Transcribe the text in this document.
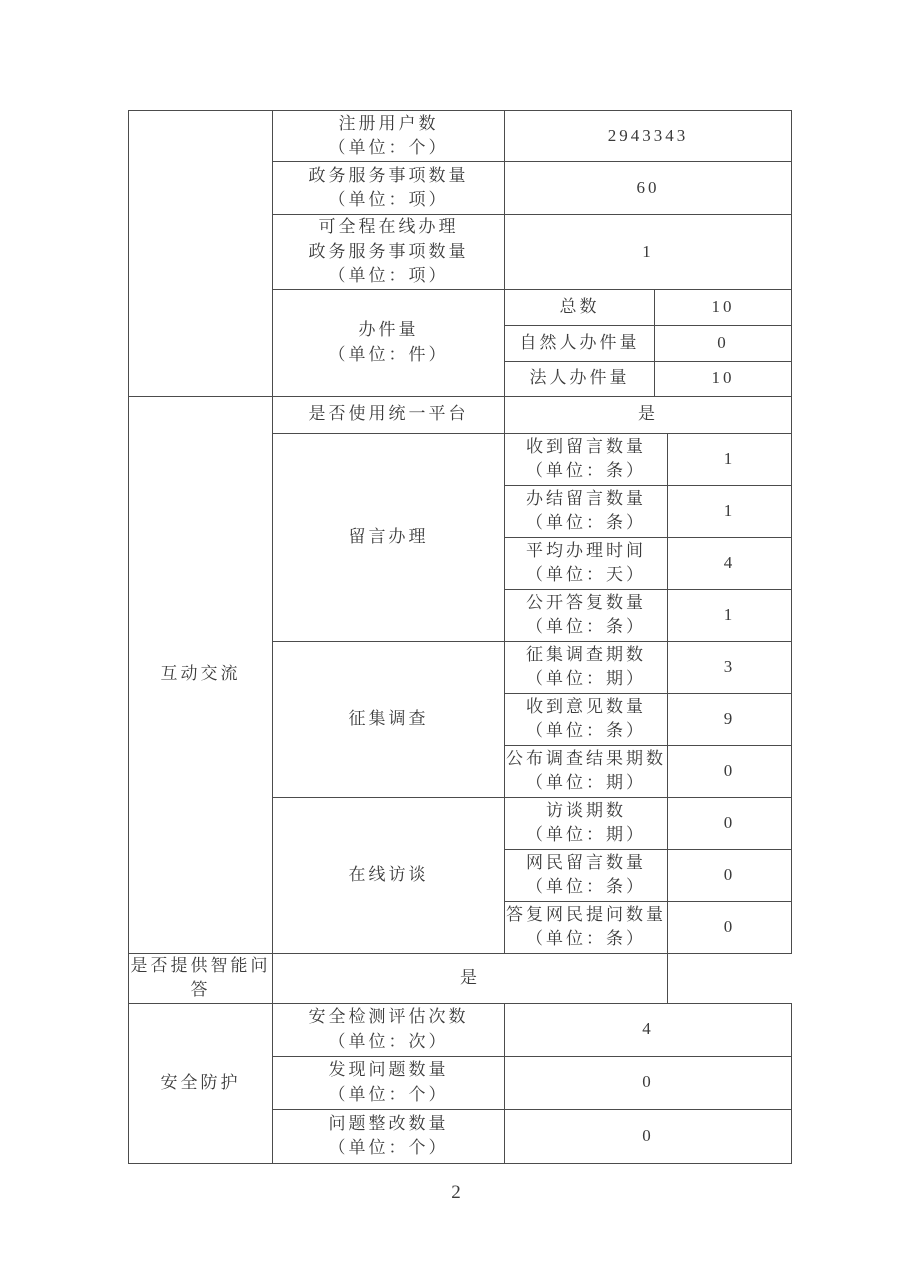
	注册用户数
（单位：个）	2943343		

	政务服务事项数量
（单位：项）	60		

	可全程在线办理
政务服务事项数量
（单位：项）	1		

	办件量
（单位：件）	总数	10	
		自然人办件量	0	
		法人办件量	10	
互动交流	是否使用统一平台	是		
	留言办理	收到留言数量
（单位：条）		1

		办结留言数量
（单位：条）		1

		平均办理时间
（单位：天）		4

		公开答复数量
（单位：条）		1
	征集调查	征集调查期数
（单位：期）		3

		收到意见数量
（单位：条）		9

		公布调查结果期数
（单位：期）		0
	在线访谈	访谈期数
（单位：期）		0

		网民留言数量
（单位：条）		0

		答复网民提问数量
（单位：条）		0
是否提供智能问答	是			
安全防护	安全检测评估次数
（单位：次）	4		

	发现问题数量
（单位：个）	0		

	问题整改数量
（单位：个）	0		
2
